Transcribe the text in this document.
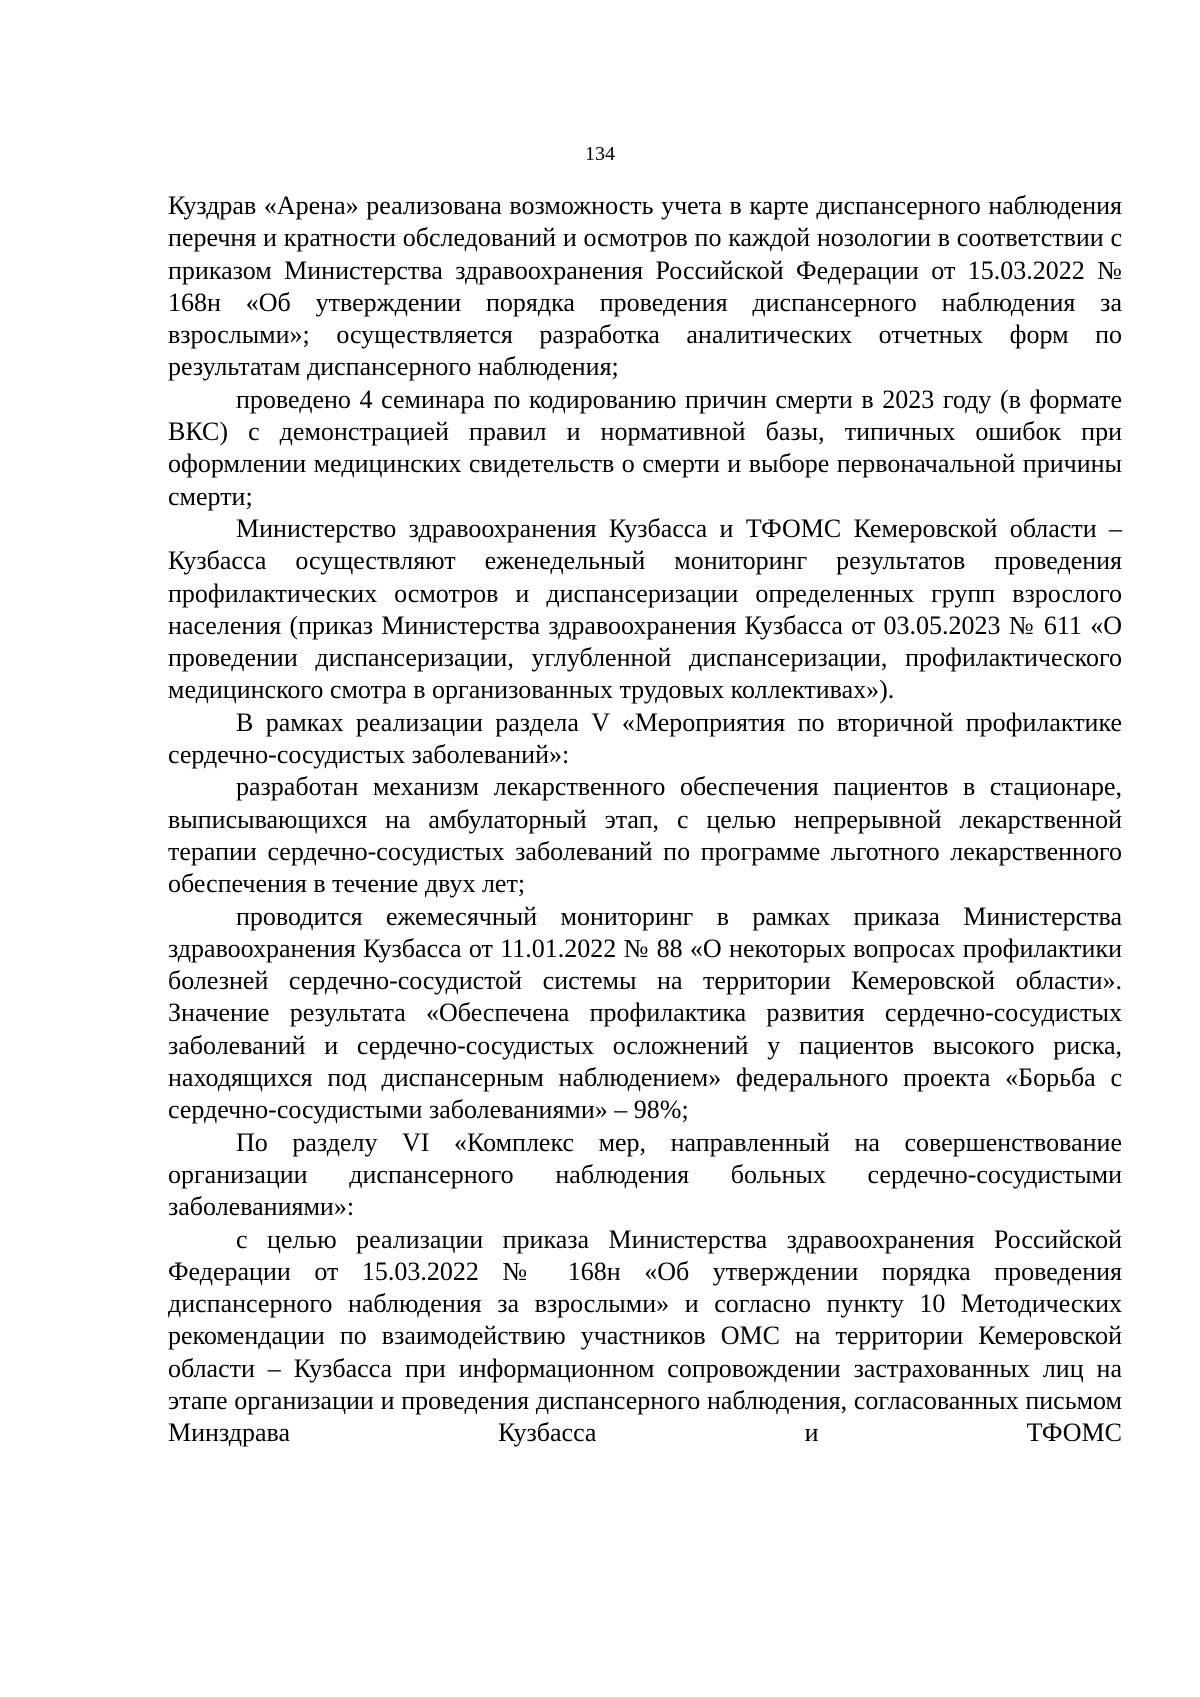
134

Куздрав «Арена» реализована возможность учета в карте диспансерного наблюдения перечня и кратности обследований и осмотров по каждой нозологии в соответствии с приказом Министерства здравоохранения Российской Федерации от 15.03.2022 № 168н «Об утверждении порядка проведения диспансерного наблюдения за взрослыми»; осуществляется разработка аналитических отчетных форм по результатам диспансерного наблюдения;

проведено 4 семинара по кодированию причин смерти в 2023 году (в формате ВКС) с демонстрацией правил и нормативной базы, типичных ошибок при оформлении медицинских свидетельств о смерти и выборе первоначальной причины смерти;

Министерство здравоохранения Кузбасса и ТФОМС Кемеровской области – Кузбасса осуществляют еженедельный мониторинг результатов проведения профилактических осмотров и диспансеризации определенных групп взрослого населения (приказ Министерства здравоохранения Кузбасса от 03.05.2023 № 611 «О проведении диспансеризации, углубленной диспансеризации, профилактического медицинского смотра в организованных трудовых коллективах»).

В рамках реализации раздела V «Мероприятия по вторичной профилактике сердечно-сосудистых заболеваний»:

разработан механизм лекарственного обеспечения пациентов в стационаре, выписывающихся на амбулаторный этап, с целью непрерывной лекарственной терапии сердечно-сосудистых заболеваний по программе льготного лекарственного обеспечения в течение двух лет;

проводится ежемесячный мониторинг в рамках приказа Министерства здравоохранения Кузбасса от 11.01.2022 № 88 «О некоторых вопросах профилактики болезней сердечно-сосудистой системы на территории Кемеровской области». Значение результата «Обеспечена профилактика развития сердечно-сосудистых заболеваний и сердечно-сосудистых осложнений у пациентов высокого риска, находящихся под диспансерным наблюдением» федерального проекта «Борьба с сердечно-сосудистыми заболеваниями» – 98%;

По разделу VI «Комплекс мер, направленный на совершенствование организации диспансерного наблюдения больных сердечно-сосудистыми заболеваниями»:

с целью реализации приказа Министерства здравоохранения Российской Федерации от 15.03.2022 № 168н «Об утверждении порядка проведения диспансерного наблюдения за взрослыми» и согласно пункту 10 Методических рекомендации по взаимодействию участников ОМС на территории Кемеровской области – Кузбасса при информационном сопровождении застрахованных лиц на этапе организации и проведения диспансерного наблюдения, согласованных письмом Минздрава Кузбасса и ТФОМС
